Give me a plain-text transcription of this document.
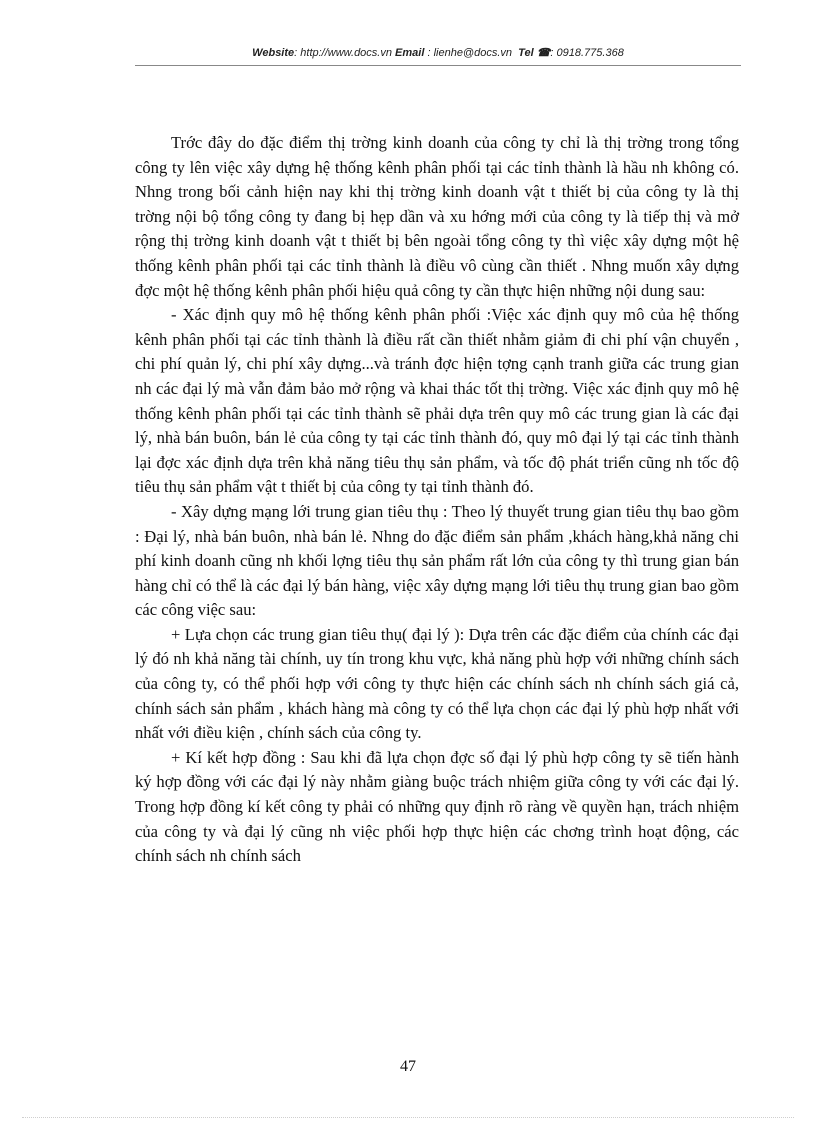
Website: http://www.docs.vn Email : lienhe@docs.vn Tel ☎: 0918.775.368

Trớc đây do đặc điểm thị trờng kinh doanh của công ty chỉ là thị trờng trong tổng công ty lên việc xây dựng hệ thống kênh phân phối tại các tỉnh thành là hầu nh không có. Nhng trong bối cảnh hiện nay khi thị trờng kinh doanh vật t thiết bị của công ty là thị trờng nội bộ tổng công ty đang bị hẹp dần và xu hớng mới của công ty là tiếp thị và mở rộng thị trờng kinh doanh vật t thiết bị bên ngoài tổng công ty thì việc xây dựng một hệ thống kênh phân phối tại các tỉnh thành là điều vô cùng cần thiết . Nhng muốn xây dựng đợc một hệ thống kênh phân phối hiệu quả công ty cần thực hiện những nội dung sau:

- Xác định quy mô hệ thống kênh phân phối :Việc xác định quy mô của hệ thống kênh phân phối tại các tỉnh thành là điều rất cần thiết nhằm giảm đi chi phí vận chuyển , chi phí quản lý, chi phí xây dựng...và tránh đợc hiện tợng cạnh tranh giữa các trung gian nh các đại lý mà vẫn đảm bảo mở rộng và khai thác tốt thị trờng. Việc xác định quy mô hệ thống kênh phân phối tại các tỉnh thành sẽ phải dựa trên quy mô các trung gian là các đại lý, nhà bán buôn, bán lẻ của công ty tại các tỉnh thành đó, quy mô đại lý tại các tỉnh thành lại đợc xác định dựa trên khả năng tiêu thụ sản phẩm, và tốc độ phát triển cũng nh tốc độ tiêu thụ sản phẩm vật t thiết bị của công ty tại tỉnh thành đó.

- Xây dựng mạng lới trung gian tiêu thụ : Theo lý thuyết trung gian tiêu thụ bao gồm : Đại lý, nhà bán buôn, nhà bán lẻ. Nhng do đặc điểm sản phẩm ,khách hàng,khả năng chi phí kinh doanh cũng nh khối lợng tiêu thụ sản phẩm rất lớn của công ty thì trung gian bán hàng chỉ có thể là các đại lý bán hàng, việc xây dựng mạng lới tiêu thụ trung gian bao gồm các công việc sau:

+ Lựa chọn các trung gian tiêu thụ( đại lý ): Dựa trên các đặc điểm của chính các đại lý đó nh khả năng tài chính, uy tín trong khu vực, khả năng phù hợp với những chính sách của công ty, có thể phối hợp với công ty thực hiện các chính sách nh chính sách giá cả, chính sách sản phẩm , khách hàng mà công ty có thể lựa chọn các đại lý phù hợp nhất với nhất với điều kiện , chính sách của công ty.

+ Kí kết hợp đồng : Sau khi đã lựa chọn đợc số đại lý phù hợp công ty sẽ tiến hành ký hợp đồng với các đại lý này nhằm giàng buộc trách nhiệm giữa công ty với các đại lý. Trong hợp đồng kí kết công ty phải có những quy định rõ ràng về quyền hạn, trách nhiệm của công ty và đại lý cũng nh việc phối hợp thực hiện các chơng trình hoạt động, các chính sách nh chính sách

47
